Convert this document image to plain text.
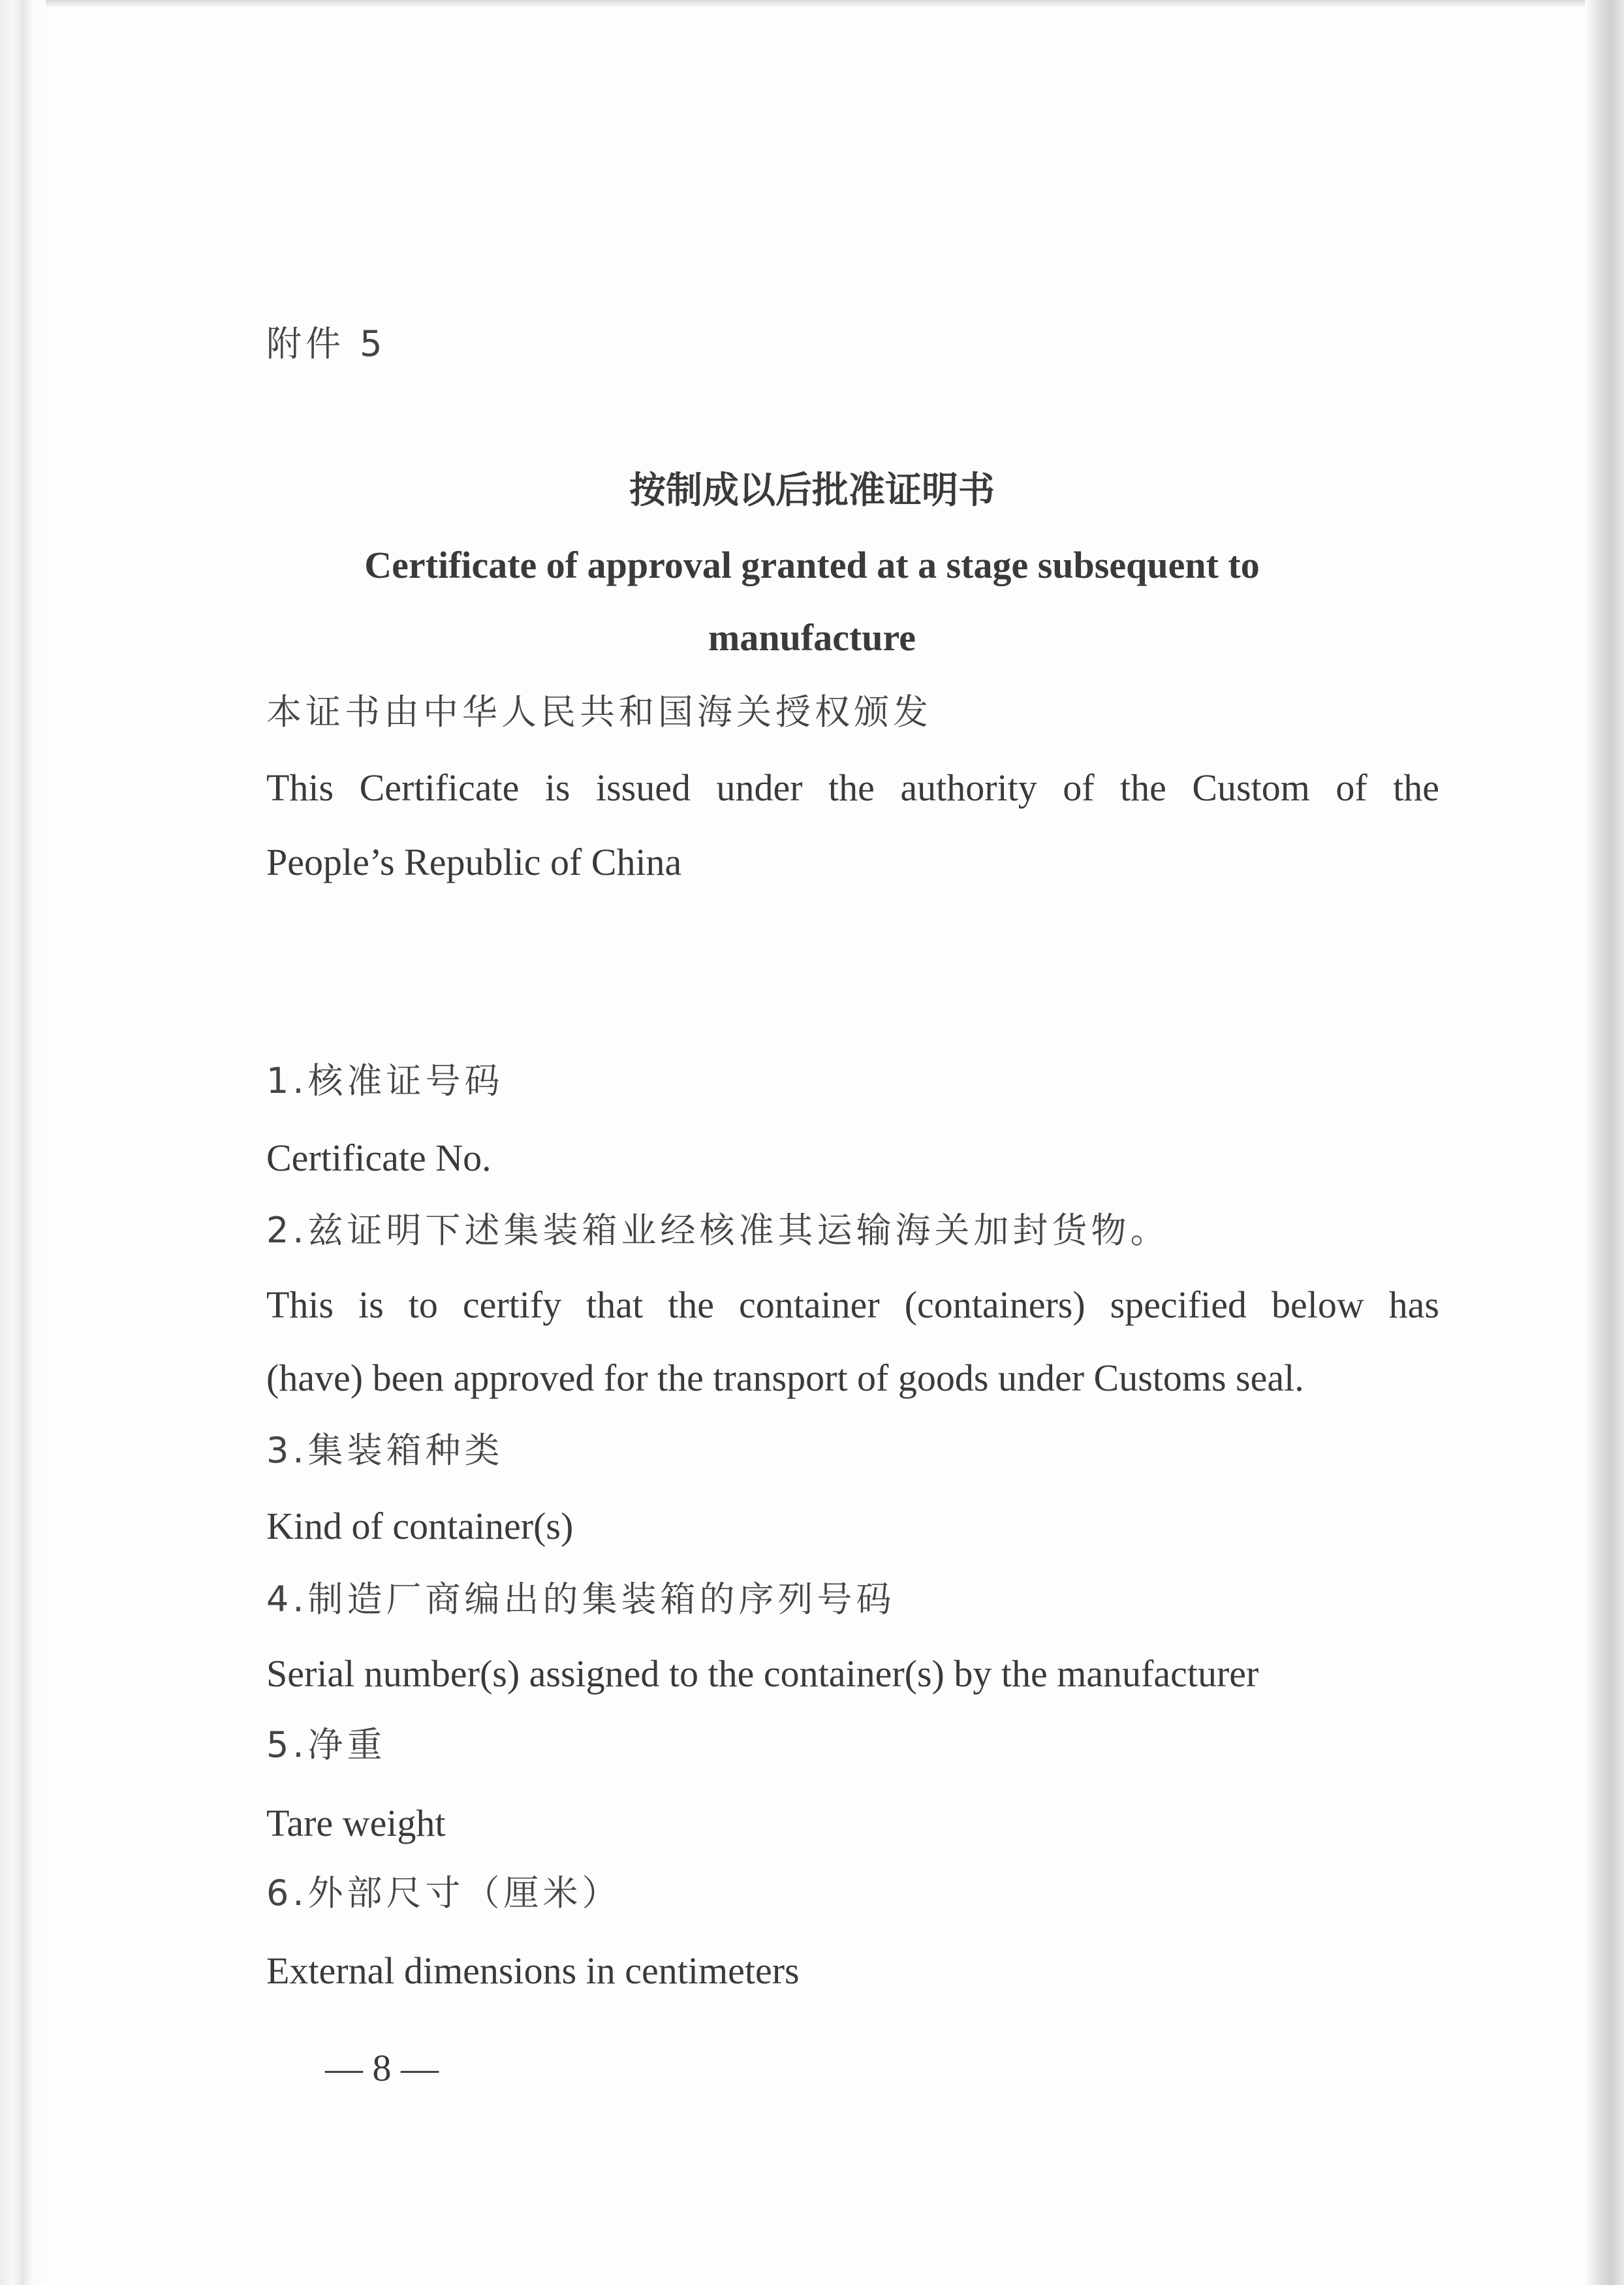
附件 5
按制成以后批准证明书
Certificate of approval granted at a stage subsequent to
manufacture
本证书由中华人民共和国海关授权颁发
This Certificate is issued under the authority of the Custom of the
People’s Republic of China
1.核准证号码
Certificate No.
2.兹证明下述集装箱业经核准其运输海关加封货物。
This is to certify that the container (containers) specified below has
(have) been approved for the transport of goods under Customs seal.
3.集装箱种类
Kind of container(s)
4.制造厂商编出的集装箱的序列号码
Serial number(s) assigned to the container(s) by the manufacturer
5.净重
Tare weight
6.外部尺寸（厘米）
External dimensions in centimeters
— 8 —
